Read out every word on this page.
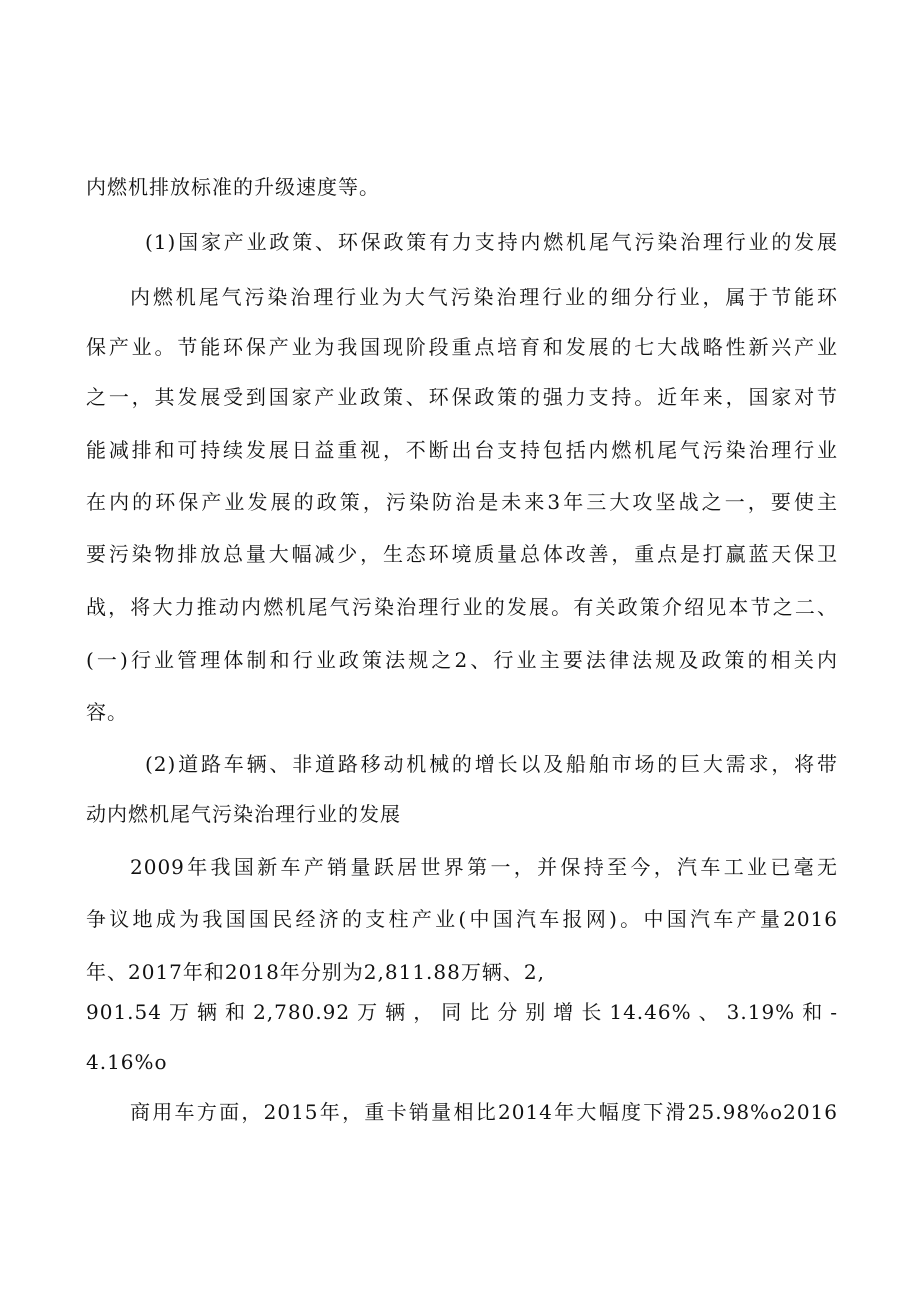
内燃机排放标准的升级速度等。
(1)国家产业政策、环保政策有力支持内燃机尾气污染治理行业的发展
内燃机尾气污染治理行业为大气污染治理行业的细分行业，属于节能环
保产业。节能环保产业为我国现阶段重点培育和发展的七大战略性新兴产业
之一，其发展受到国家产业政策、环保政策的强力支持。近年来，国家对节
能减排和可持续发展日益重视，不断出台支持包括内燃机尾气污染治理行业
在内的环保产业发展的政策，污染防治是未来3年三大攻坚战之一，要使主
要污染物排放总量大幅减少，生态环境质量总体改善，重点是打赢蓝天保卫
战，将大力推动内燃机尾气污染治理行业的发展。有关政策介绍见本节之二、
(一)行业管理体制和行业政策法规之2、行业主要法律法规及政策的相关内
容。
(2)道路车辆、非道路移动机械的增长以及船舶市场的巨大需求，将带
动内燃机尾气污染治理行业的发展
2009年我国新车产销量跃居世界第一，并保持至今，汽车工业已毫无
争议地成为我国国民经济的支柱产业(中国汽车报网)。中国汽车产量2016
年、2017年和2018年分别为2,811.88万辆、2,
901.54万辆和2,780.92万辆，同比分别增长14.46%、3.19%和-
4.16%o
商用车方面，2015年，重卡销量相比2014年大幅度下滑25.98%o2016
